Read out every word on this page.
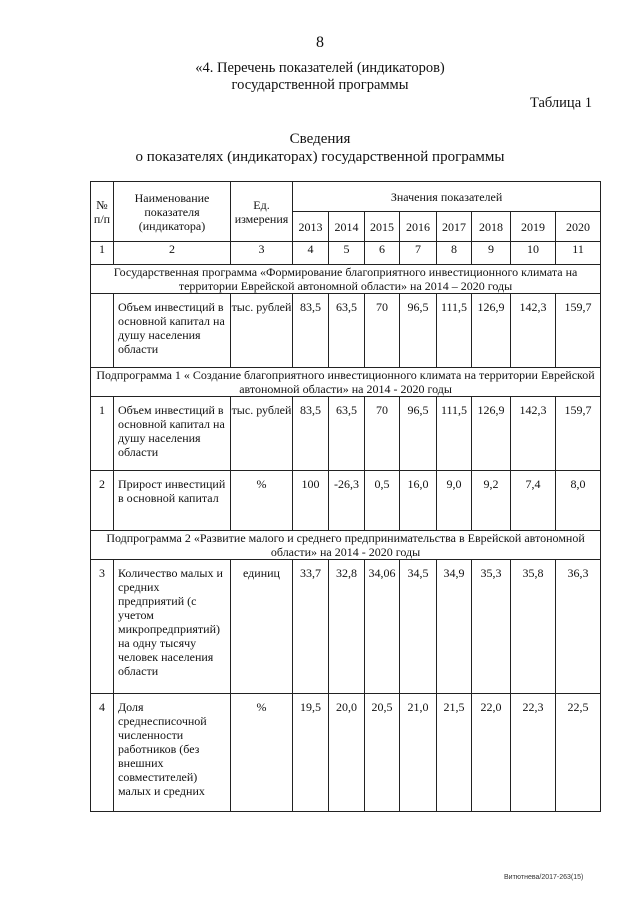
8
«4. Перечень показателей (индикаторов)
государственной программы
Таблица 1
Сведения
о показателях (индикаторах) государственной программы
№ п/п	Наименование показателя (индикатора)	Ед. измерения	Значения показателей							
			2013	2014	2015	2016	2017	2018	2019	2020
1	2	3	4	5	6	7	8	9	10	11
Государственная программа «Формирование благоприятного инвестиционного климата на территории Еврейской автономной области» на 2014 – 2020 годы										
	Объем инвестиций в основной капитал на душу населения области	тыс. рублей	83,5	63,5	70	96,5	111,5	126,9	142,3	159,7
Подпрограмма 1 « Создание благоприятного инвестиционного климата на территории Еврейской автономной области» на 2014 - 2020 годы										
1	Объем инвестиций в основной капитал на душу населения области	тыс. рублей	83,5	63,5	70	96,5	111,5	126,9	142,3	159,7
2	Прирост инвестиций в основной капитал	%	100	-26,3	0,5	16,0	9,0	9,2	7,4	8,0
Подпрограмма 2 «Развитие малого и среднего предпринимательства в Еврейской автономной области» на 2014 - 2020 годы										
3	Количество малых и средних предприятий (с учетом микропредприятий) на одну тысячу человек населения области	единиц	33,7	32,8	34,06	34,5	34,9	35,3	35,8	36,3
4	Доля среднесписочной численности работников (без внешних совместителей) малых и средних	%	19,5	20,0	20,5	21,0	21,5	22,0	22,3	22,5
Витютнева/2017-263(15)
